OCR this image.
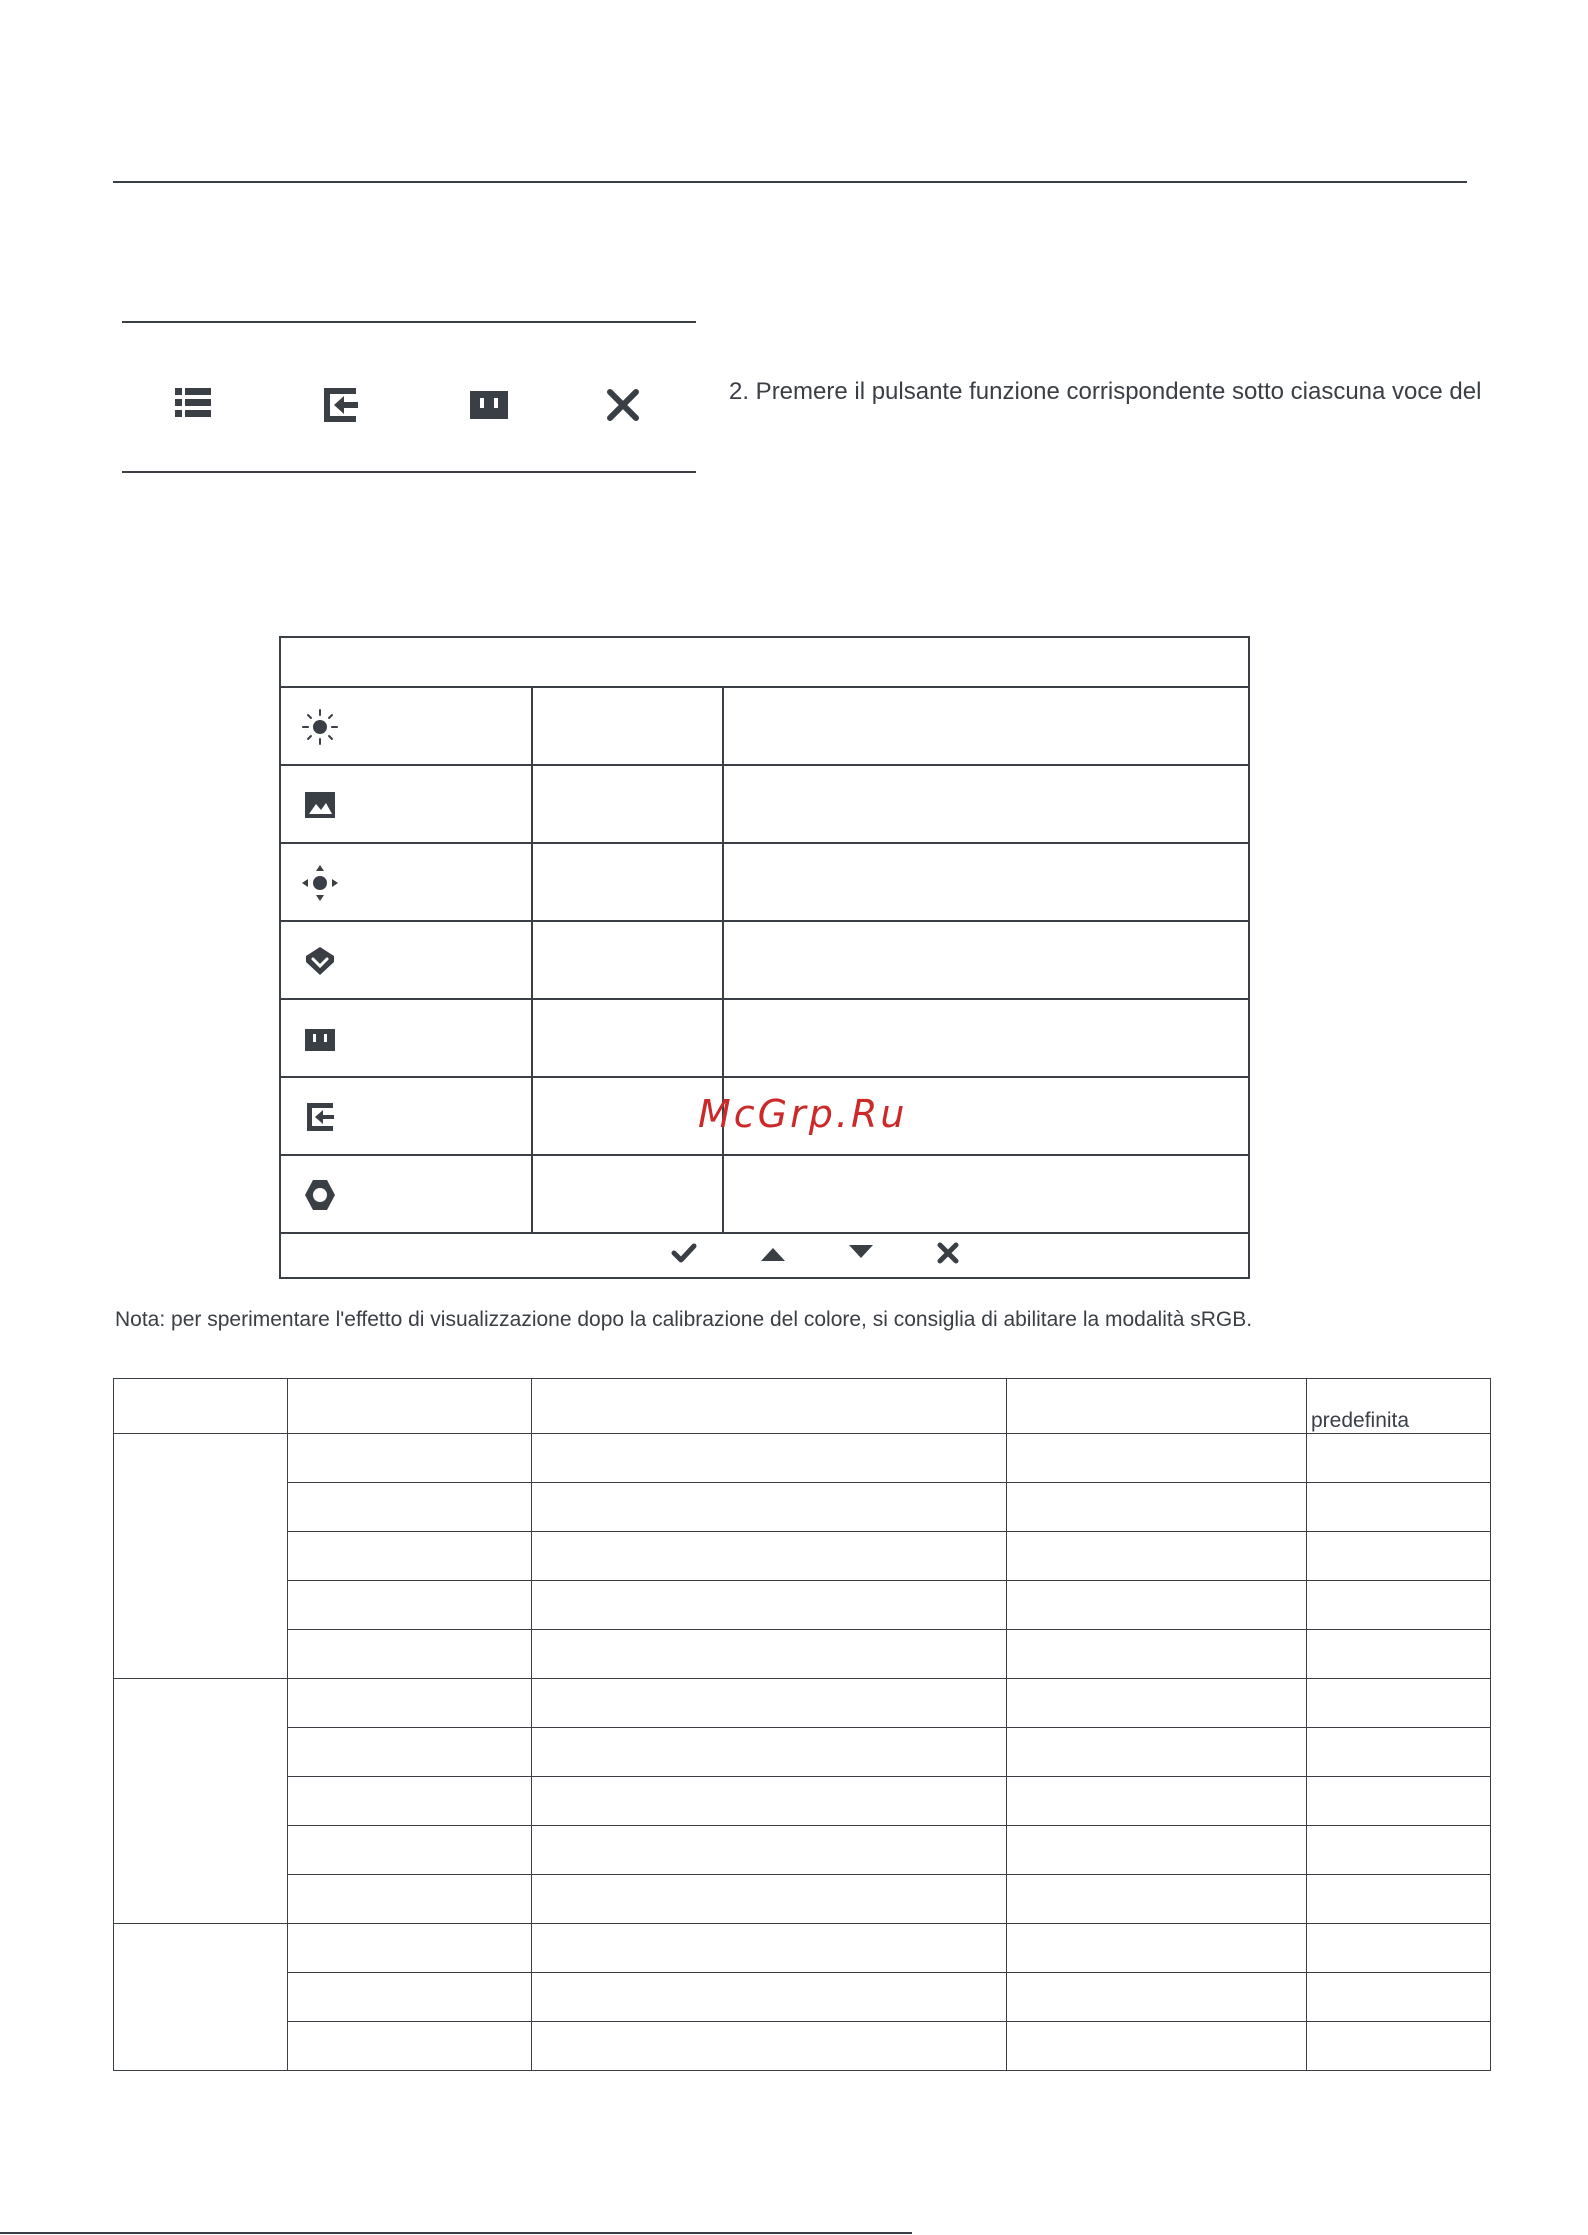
2. Premere il pulsante funzione corrispondente sotto ciascuna voce del
McGrp.Ru
Nota: per sperimentare l'effetto di visualizzazione dopo la calibrazione del colore, si consiglia di abilitare la modalità sRGB.
				predefinita
